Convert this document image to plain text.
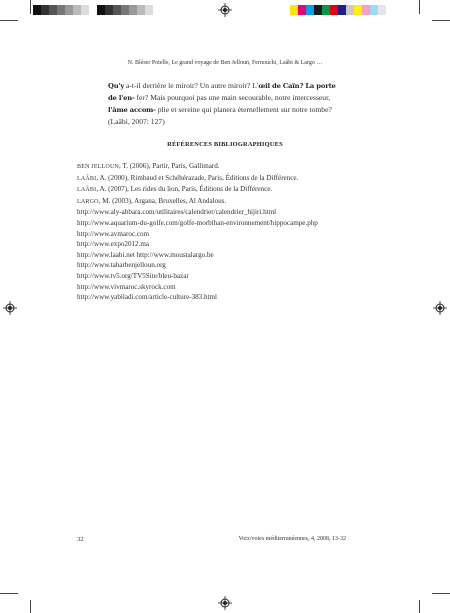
N. Bléser Potelle, Le grand voyage de Ben Jelloun, Fernouchi, Laâbi & Largo …
Qu'y a-t-il derrière le miroir? Un autre miroir? L'œil de Caïn? La porte de l'en- fer? Mais pourquoi pas une main secourable, notre intercesseur, l'âme accom- plie et sereine qui planera éternellement sur notre tombe? (Laâbi, 2007: 127)
RÉFÉRENCES BIBLIOGRAPHIQUES
BEN JELLOUN, T. (2006), Partir, Paris, Gallimard.
LAÂBI, A. (2000), Rimbaud et Schéhérazade, Paris, Éditions de la Différence.
LAÂBI, A. (2007), Les rides du lion, Paris, Éditions de la Différence.
LARGO, M. (2003), Argana, Bruxelles, Al Andalous.
http://www.aly-abbara.com/utilitaires/calendrier/calendrier_hijiri.html
http://www.aquarium-du-golfe.com/golfe-morbihan-environnement/hippocampe.php
http://www.avmaroc.com
http://www.expo2012.ma
http://www.laabi.net http://www.moustalargo.be
http://www.taharbenjelloun.org
http://www.tv5.org/TV5Site/bleu-bazar
http://www.vivmaroc.skyrock.com
http://www.yabiladi.com/article-culture-383.html
32	Voix/voies méditerranéennes, 4, 2008, 13-32
